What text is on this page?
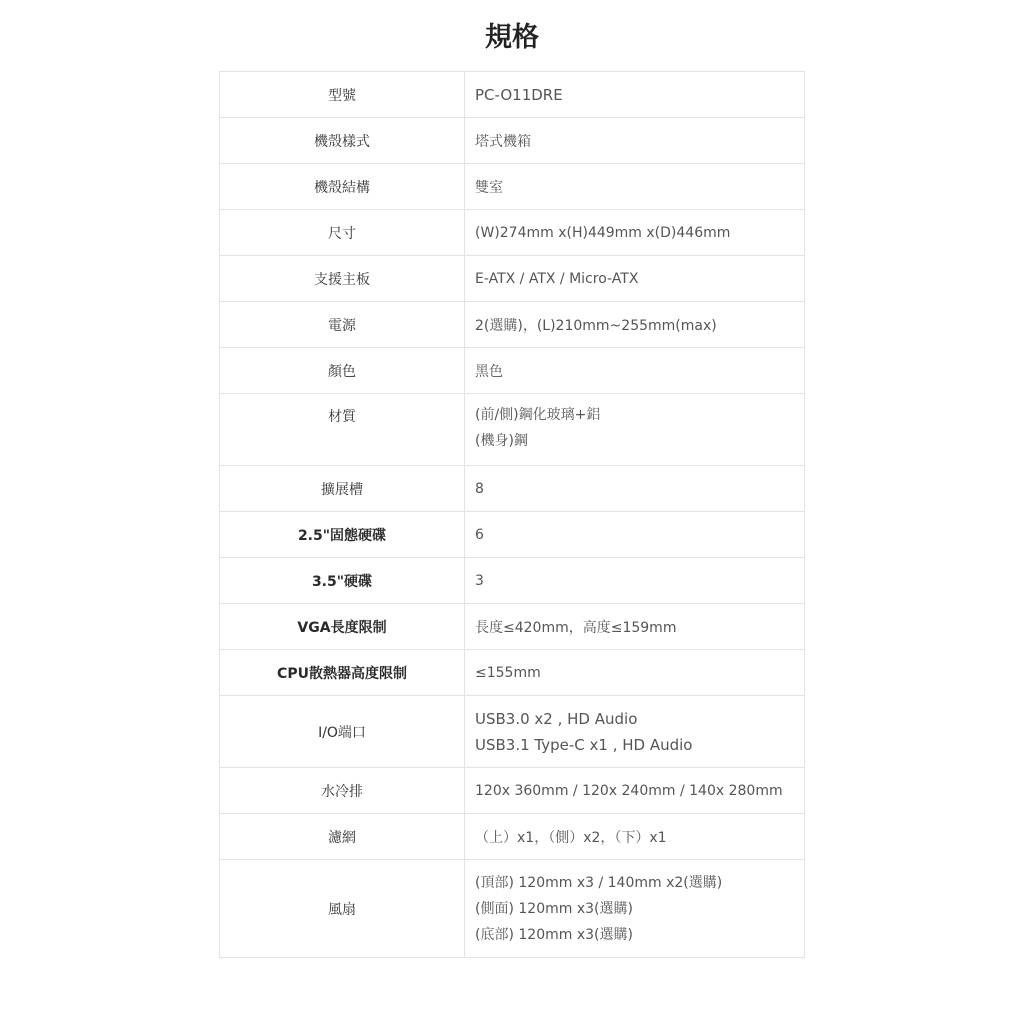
規格
型號	PC-O11DRE
機殼樣式	塔式機箱
機殼結構	雙室
尺寸	(W)274mm x(H)449mm x(D)446mm
支援主板	E-ATX / ATX / Micro-ATX
電源	2(選購)，(L)210mm~255mm(max)
顏色	黑色
材質	(前/側)鋼化玻璃+鋁
(機身)鋼

擴展槽	8
2.5"固態硬碟	6
3.5"硬碟	3
VGA長度限制	長度≤420mm，高度≤159mm
CPU散熱器高度限制	≤155mm
I/O端口	USB3.0 x2 , HD Audio
USB3.1 Type-C x1 , HD Audio

水冷排	120x 360mm / 120x 240mm / 140x 280mm
濾網	（上）x1，（側）x2，（下）x1
風扇	(頂部) 120mm x3 / 140mm x2(選購)
(側面) 120mm x3(選購)
(底部) 120mm x3(選購)
